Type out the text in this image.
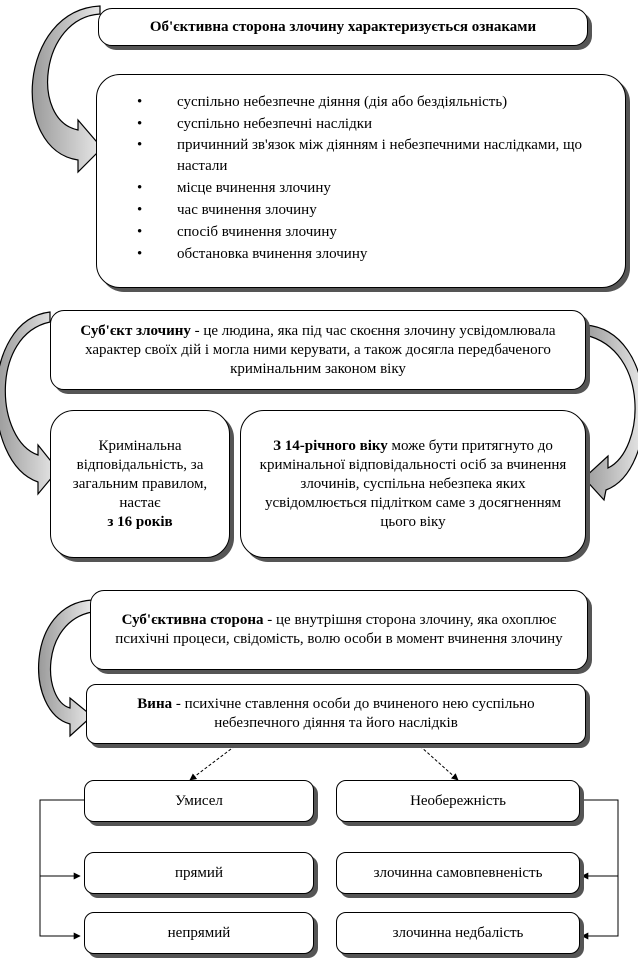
Об'єктивна сторона злочину характеризується ознаками
• суспільно небезпечне діяння (дія або бездіяльність)
• суспільно небезпечні наслідки
• причинний зв'язок між діянням і небезпечними наслідками, що настали
• місце вчинення злочину
• час вчинення злочину
• спосіб вчинення злочину
• обстановка вчинення злочину
Суб'єкт злочину - це людина, яка під час скоєння злочину усвідомлювала характер своїх дій і могла ними керувати, а також досягла передбаченого кримінальним законом віку
Кримінальна відповідальність, за загальним правилом, настає
з 16 років
З 14-річного віку може бути притягнуто до кримінальної відповідальності осіб за вчинення злочинів, суспільна небезпека яких усвідомлюється підлітком саме з досягненням цього віку
Суб'єктивна сторона - це внутрішня сторона злочину, яка охоплює психічні процеси, свідомість, волю особи в момент вчинення злочину
Вина - психічне ставлення особи до вчиненого нею суспільно небезпечного діяння та його наслідків
Умисел	Необережність
прямий	злочинна самовпевненість
непрямий	злочинна недбалість
